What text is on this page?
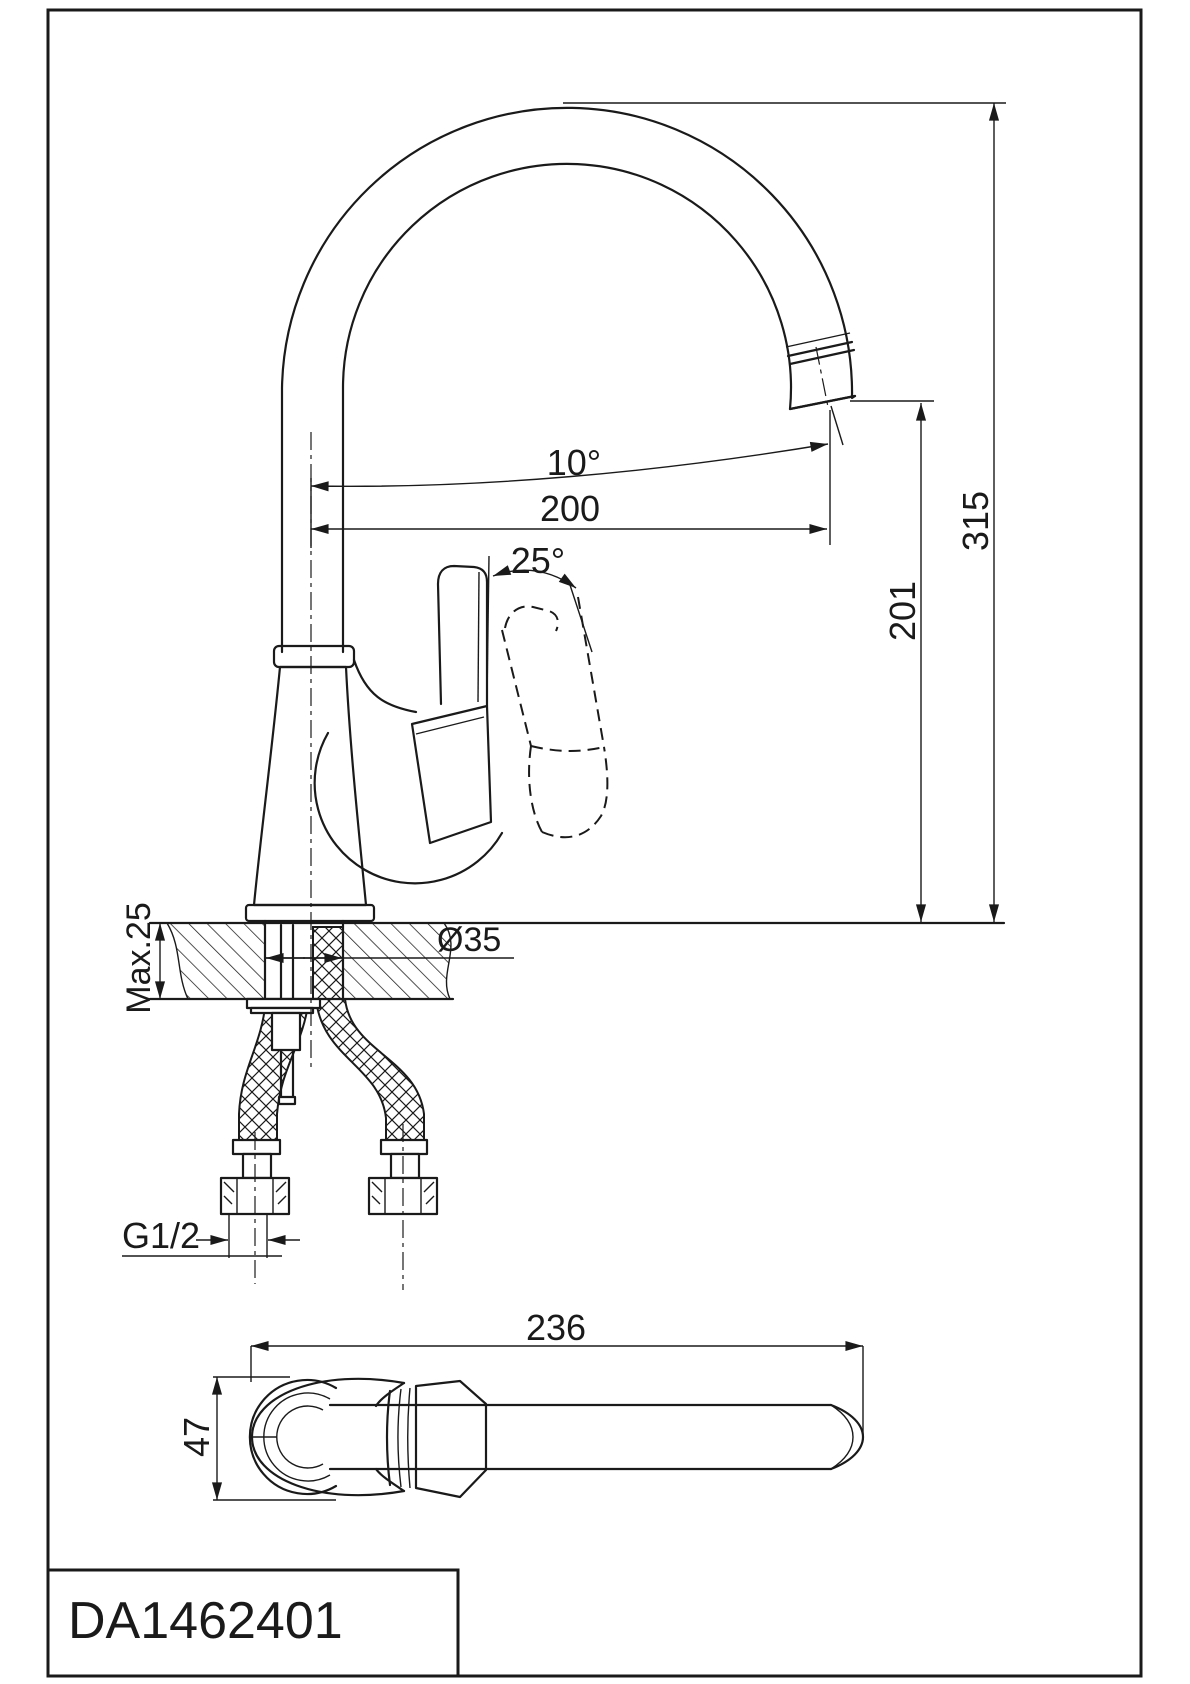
10°
200
25°
315
201
Max.25	Ø35
G1/2
236
47
DA1462401
